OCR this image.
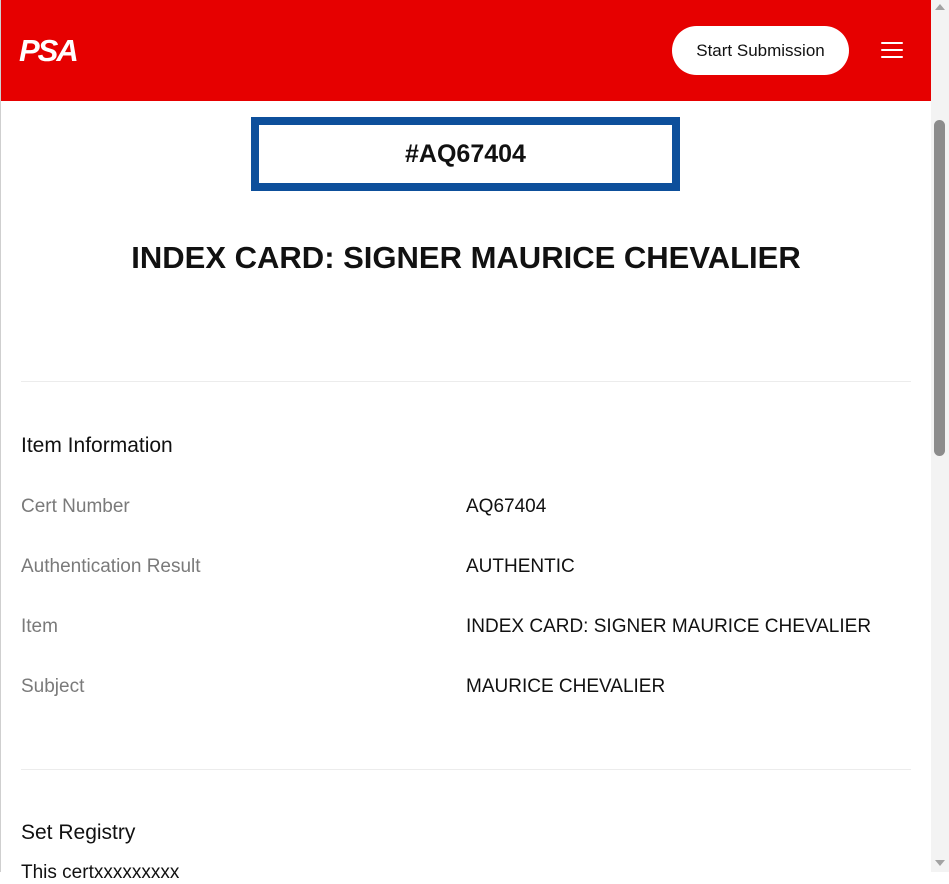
PSA	Start Submission
#AQ67404
INDEX CARD: SIGNER MAURICE CHEVALIER
Item Information
Cert Number	AQ67404
Authentication Result	AUTHENTIC
Item	INDEX CARD: SIGNER MAURICE CHEVALIER
Subject	MAURICE CHEVALIER
Set Registry
This certxxxxxxxxx
